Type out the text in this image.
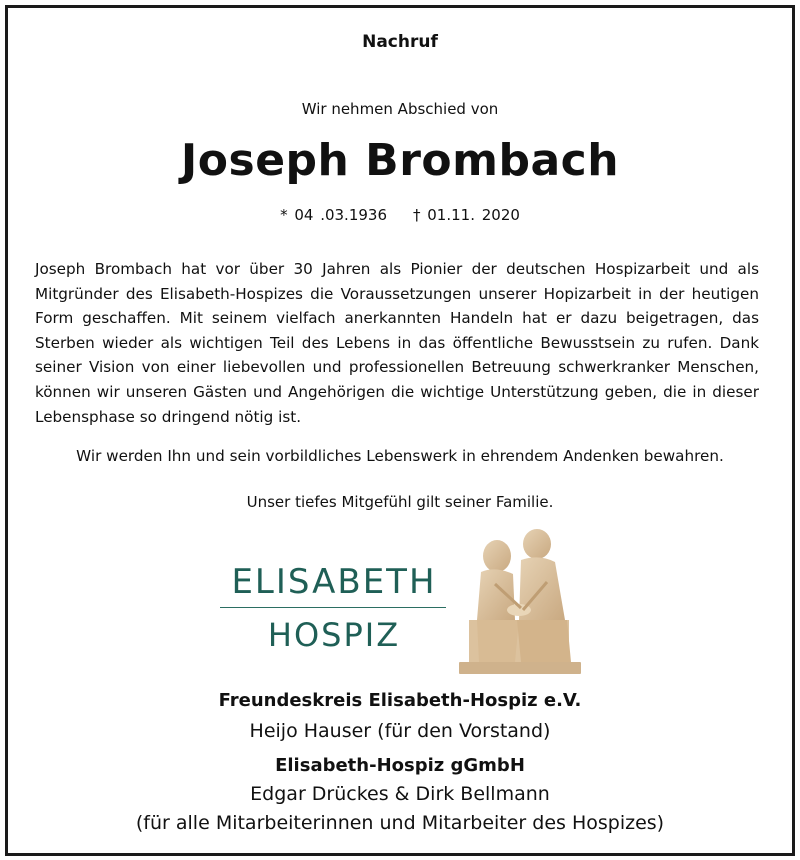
Nachruf
Wir nehmen Abschied von
Joseph Brombach
* 04 .03.1936 † 01.11. 2020

Joseph Brombach hat vor über 30 Jahren als Pionier der deutschen Hospizarbeit und als Mitgründer des Elisabeth-Hospizes die Voraussetzungen unserer Hopizarbeit in der heutigen Form geschaffen. Mit seinem vielfach anerkannten Handeln hat er dazu beigetragen, das Sterben wieder als wichtigen Teil des Lebens in das öffentliche Bewusstsein zu rufen. Dank seiner Vision von einer liebevollen und professionellen Betreuung schwerkranker Menschen, können wir unseren Gästen und Angehörigen die wichtige Unterstützung geben, die in dieser Lebensphase so dringend nötig ist.

Wir werden Ihn und sein vorbildliches Lebenswerk in ehrendem Andenken bewahren.
Unser tiefes Mitgefühl gilt seiner Familie.
ELISABETH
HOSPIZ
Freundeskreis Elisabeth-Hospiz e.V.
Heijo Hauser (für den Vorstand)
Elisabeth-Hospiz gGmbH
Edgar Drückes & Dirk Bellmann
(für alle Mitarbeiterinnen und Mitarbeiter des Hospizes)
